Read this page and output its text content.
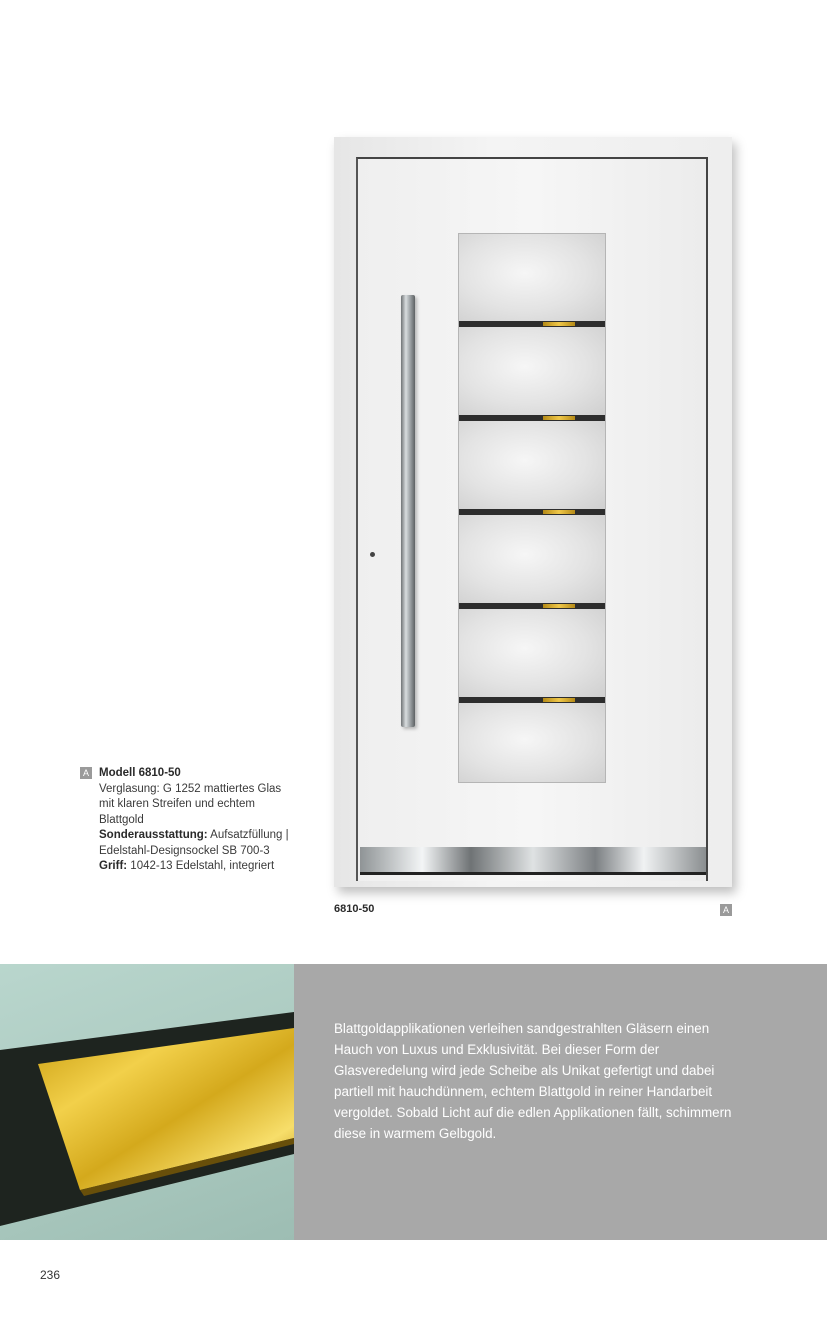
A Modell 6810-50
Verglasung: G 1252 mattiertes Glas mit klaren Streifen und echtem Blattgold
Sonderausstattung: Aufsatzfüllung | Edelstahl-Designsockel SB 700-3
Griff: 1042-13 Edelstahl, integriert
6810-50	A

Blattgoldapplikationen verleihen sandgestrahlten Gläsern einen Hauch von Luxus und Exklusivität. Bei dieser Form der Glasveredelung wird jede Scheibe als Unikat gefertigt und dabei partiell mit hauchdünnem, echtem Blattgold in reiner Handarbeit vergoldet. Sobald Licht auf die edlen Applikationen fällt, schimmern diese in warmem Gelbgold.

236
